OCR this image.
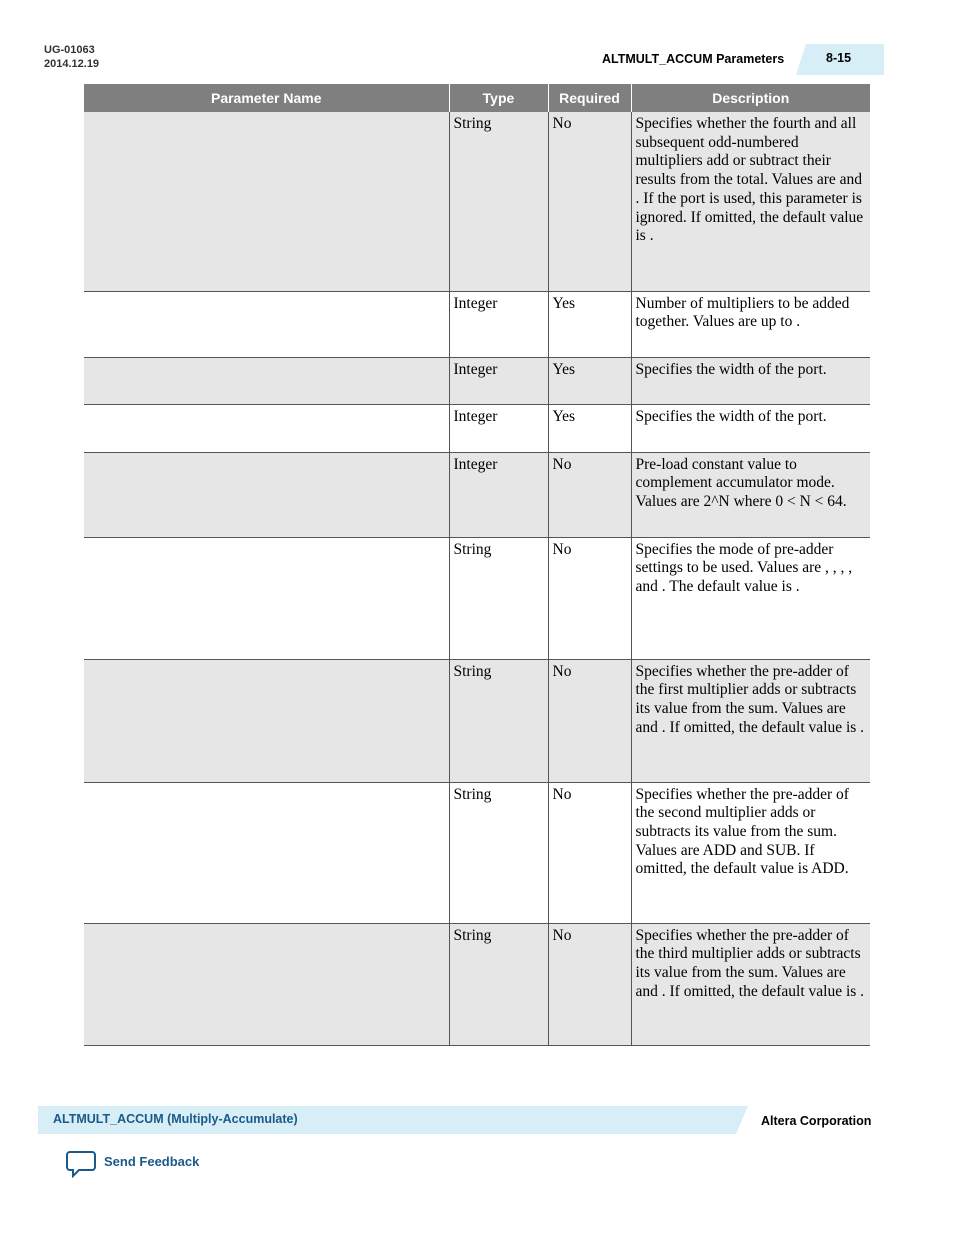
UG-01063
2014.12.19	ALTMULT_ACCUM Parameters	8-15
Parameter Name	Type	Required	Description
	String	No	Specifies whether the fourth and all subsequent odd-numbered multipliers add or subtract their results from the total. Values are and . If the port is used, this parameter is ignored. If omitted, the default value is .
	Integer	Yes	Number of multipliers to be added together. Values are up to .
	Integer	Yes	Specifies the width of the port.
	Integer	Yes	Specifies the width of the port.
	Integer	No	Pre-load constant value to complement accumulator mode. Values are 2^N where 0 < N < 64.
	String	No	Specifies the mode of pre-adder settings to be used. Values are , , , , and . The default value is .
	String	No	Specifies whether the pre-adder of the first multiplier adds or subtracts its value from the sum. Values are and . If omitted, the default value is .
	String	No	Specifies whether the pre-adder of the second multiplier adds or subtracts its value from the sum. Values are ADD and SUB. If omitted, the default value is ADD.
	String	No	Specifies whether the pre-adder of the third multiplier adds or subtracts its value from the sum. Values are and . If omitted, the default value is .
ALTMULT_ACCUM (Multiply-Accumulate)	Altera Corporation
Send Feedback
